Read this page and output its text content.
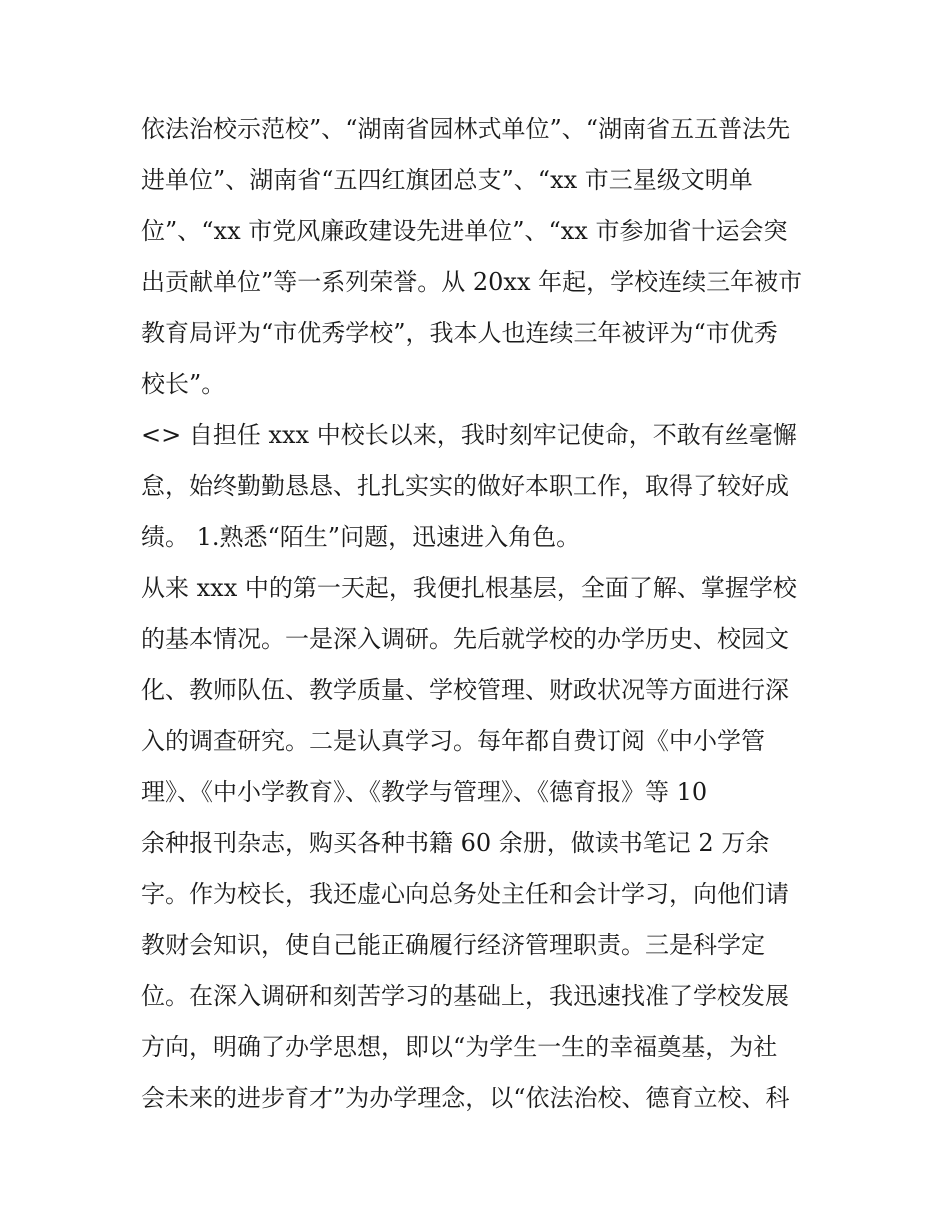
依法治校示范校”、“湖南省园林式单位”、“湖南省五五普法先
进单位”、湖南省“五四红旗团总支”、“xx 市三星级文明单
位”、“xx 市党风廉政建设先进单位”、“xx 市参加省十运会突
出贡献单位”等一系列荣誉。从 20xx 年起，学校连续三年被市
教育局评为“市优秀学校”，我本人也连续三年被评为“市优秀
校长”。
<> 自担任 xxx 中校长以来，我时刻牢记使命，不敢有丝毫懈
怠，始终勤勤恳恳、扎扎实实的做好本职工作，取得了较好成
绩。 1.熟悉“陌生”问题，迅速进入角色。
从来 xxx 中的第一天起，我便扎根基层，全面了解、掌握学校
的基本情况。一是深入调研。先后就学校的办学历史、校园文
化、教师队伍、教学质量、学校管理、财政状况等方面进行深
入的调查研究。二是认真学习。每年都自费订阅《中小学管
理》、《中小学教育》、《教学与管理》、《德育报》等 10
余种报刊杂志，购买各种书籍 60 余册，做读书笔记 2 万余
字。作为校长，我还虚心向总务处主任和会计学习，向他们请
教财会知识，使自己能正确履行经济管理职责。三是科学定
位。在深入调研和刻苦学习的基础上，我迅速找准了学校发展
方向，明确了办学思想，即以“为学生一生的幸福奠基，为社
会未来的进步育才”为办学理念，以“依法治校、德育立校、科
